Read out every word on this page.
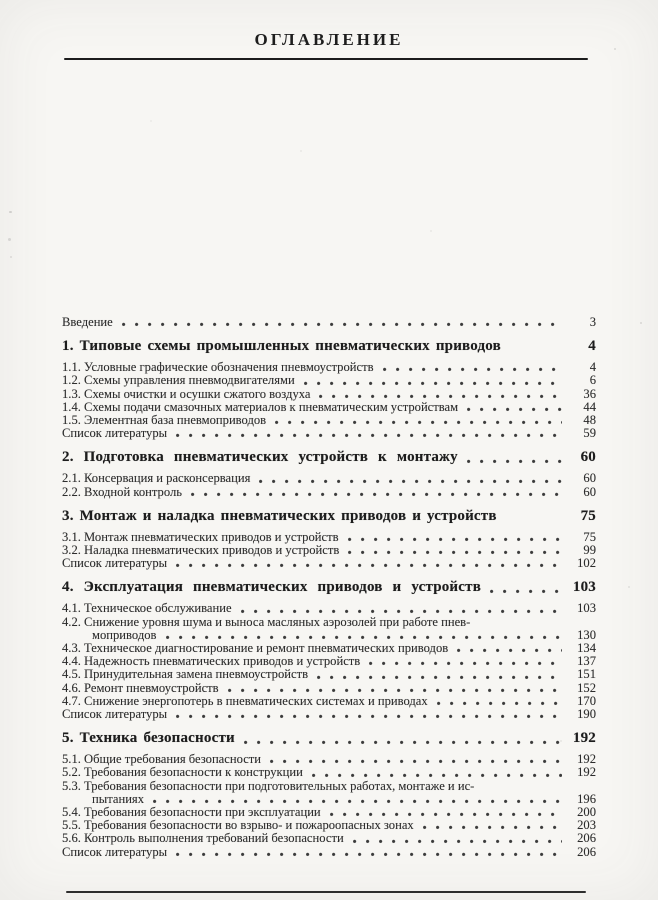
ОГЛАВЛЕНИЕ
Введение	3
1. Типовые схемы промышленных пневматических приводов	4
1.1. Условные графические обозначения пневмоустройств	4
1.2. Схемы управления пневмодвигателями	6
1.3. Схемы очистки и осушки сжатого воздуха	36
1.4. Схемы подачи смазочных материалов к пневматическим устройствам	44
1.5. Элементная база пневмоприводов	48
Список литературы	59
2. Подготовка пневматических устройств к монтажу	60
2.1. Консервация и расконсервация	60
2.2. Входной контроль	60
3. Монтаж и наладка пневматических приводов и устройств	75
3.1. Монтаж пневматических приводов и устройств	75
3.2. Наладка пневматических приводов и устройств	99
Список литературы	102
4. Эксплуатация пневматических приводов и устройств	103
4.1. Техническое обслуживание	103
4.2. Снижение уровня шума и выноса масляных аэрозолей при работе пнев-
моприводов	130
4.3. Техническое диагностирование и ремонт пневматических приводов	134
4.4. Надежность пневматических приводов и устройств	137
4.5. Принудительная замена пневмоустройств	151
4.6. Ремонт пневмоустройств	152
4.7. Снижение энергопотерь в пневматических системах и приводах	170
Список литературы	190
5. Техника безопасности	192
5.1. Общие требования безопасности	192
5.2. Требования безопасности к конструкции	192
5.3. Требования безопасности при подготовительных работах, монтаже и ис-
пытаниях	196
5.4. Требования безопасности при эксплуатации	200
5.5. Требования безопасности во взрыво- и пожароопасных зонах	203
5.6. Контроль выполнения требований безопасности	206
Список литературы	206
